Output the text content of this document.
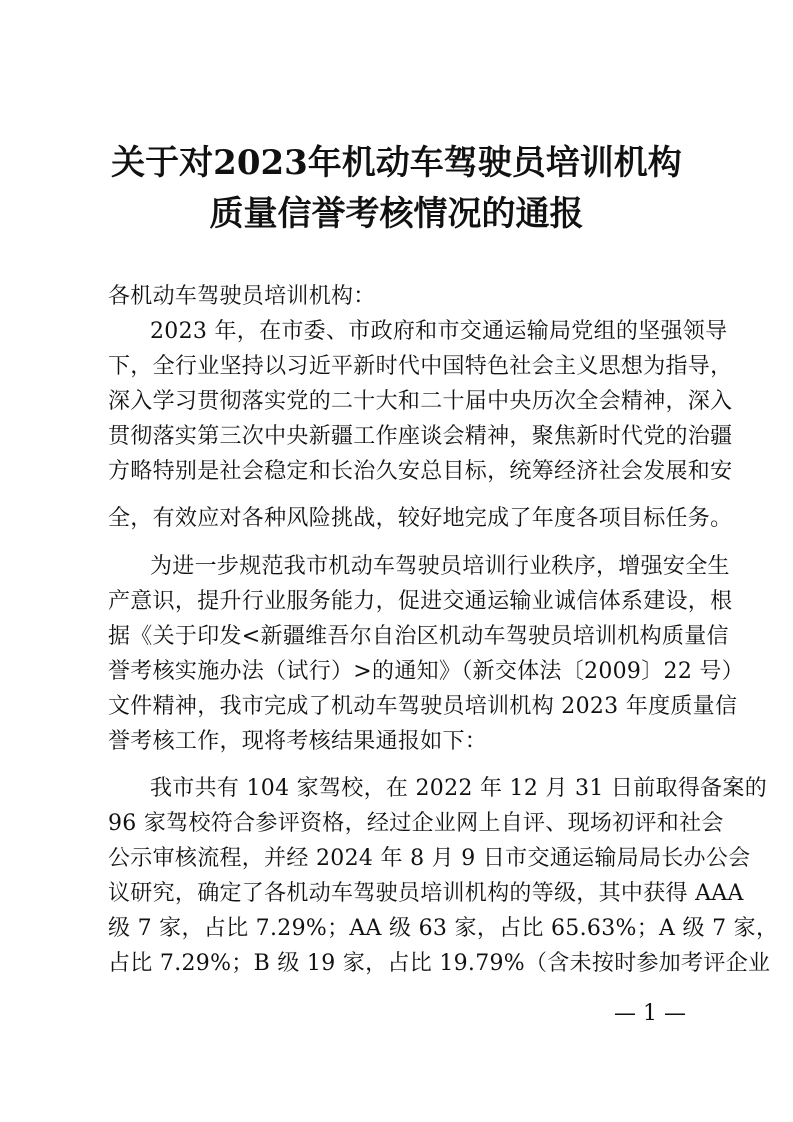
关于对2023年机动车驾驶员培训机构
质量信誉考核情况的通报
各机动车驾驶员培训机构：
2023 年，在市委、市政府和市交通运输局党组的坚强领导
下，全行业坚持以习近平新时代中国特色社会主义思想为指导，
深入学习贯彻落实党的二十大和二十届中央历次全会精神，深入
贯彻落实第三次中央新疆工作座谈会精神，聚焦新时代党的治疆
方略特别是社会稳定和长治久安总目标，统筹经济社会发展和安
全，有效应对各种风险挑战，较好地完成了年度各项目标任务。
为进一步规范我市机动车驾驶员培训行业秩序，增强安全生
产意识，提升行业服务能力，促进交通运输业诚信体系建设，根
据《关于印发<新疆维吾尔自治区机动车驾驶员培训机构质量信
誉考核实施办法（试行）>的通知》（新交体法〔2009〕22 号）
文件精神，我市完成了机动车驾驶员培训机构 2023 年度质量信
誉考核工作，现将考核结果通报如下：
我市共有 104 家驾校，在 2022 年 12 月 31 日前取得备案的
96 家驾校符合参评资格，经过企业网上自评、现场初评和社会
公示审核流程，并经 2024 年 8 月 9 日市交通运输局局长办公会
议研究，确定了各机动车驾驶员培训机构的等级，其中获得 AAA
级 7 家，占比 7.29%；AA 级 63 家，占比 65.63%；A 级 7 家，
占比 7.29%；B 级 19 家，占比 19.79%（含未按时参加考评企业
— 1 —
